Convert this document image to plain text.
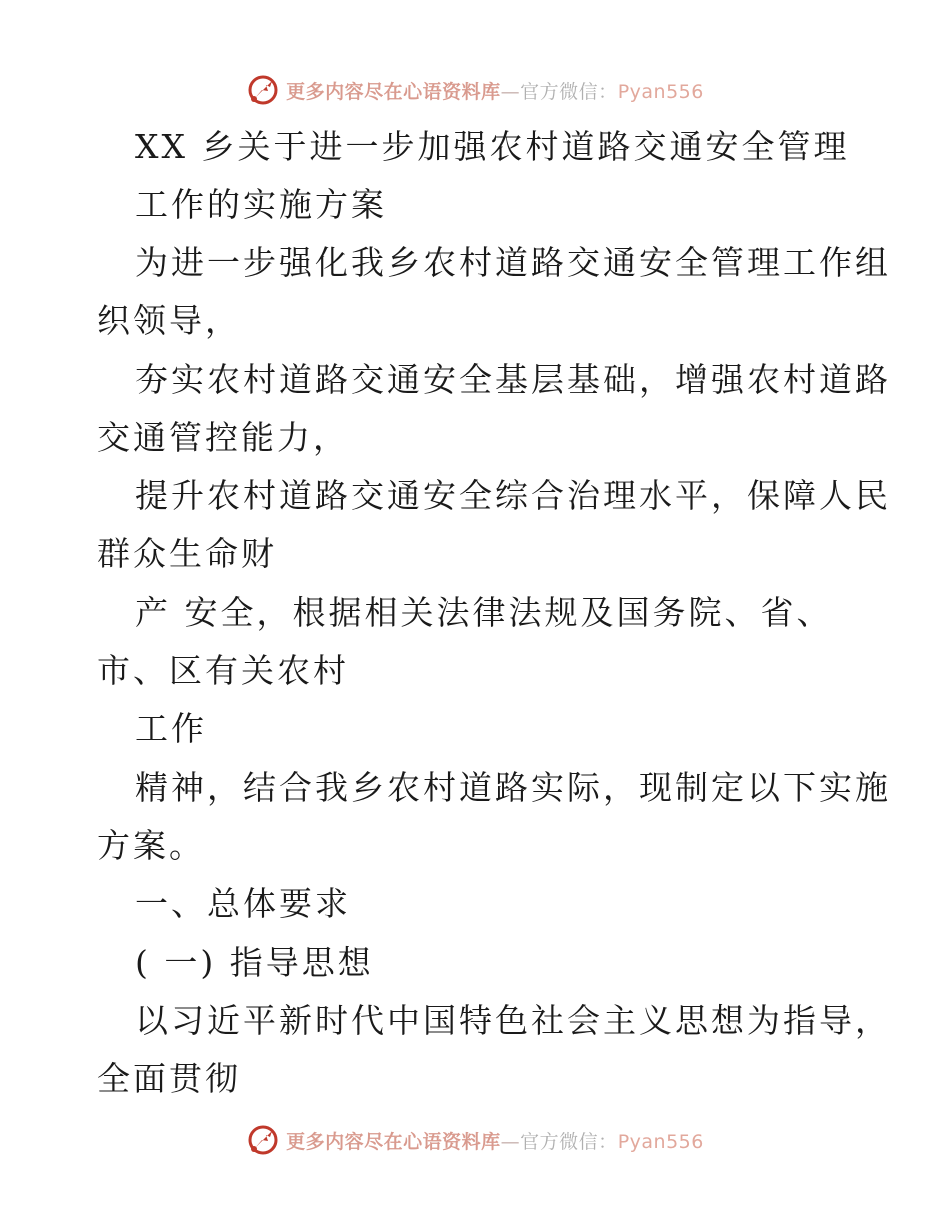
更多内容尽在心语资料库—官方微信：Pyan556
XX 乡关于进一步加强农村道路交通安全管理
工作的实施方案
为进一步强化我乡农村道路交通安全管理工作组
织领导，
夯实农村道路交通安全基层基础，增强农村道路
交通管控能力，
提升农村道路交通安全综合治理水平，保障人民
群众生命财
产 安全，根据相关法律法规及国务院、省、
市、区有关农村
工作
精神，结合我乡农村道路实际，现制定以下实施
方案。
一、总体要求
( 一) 指导思想
以习近平新时代中国特色社会主义思想为指导，
全面贯彻
更多内容尽在心语资料库—官方微信：Pyan556
